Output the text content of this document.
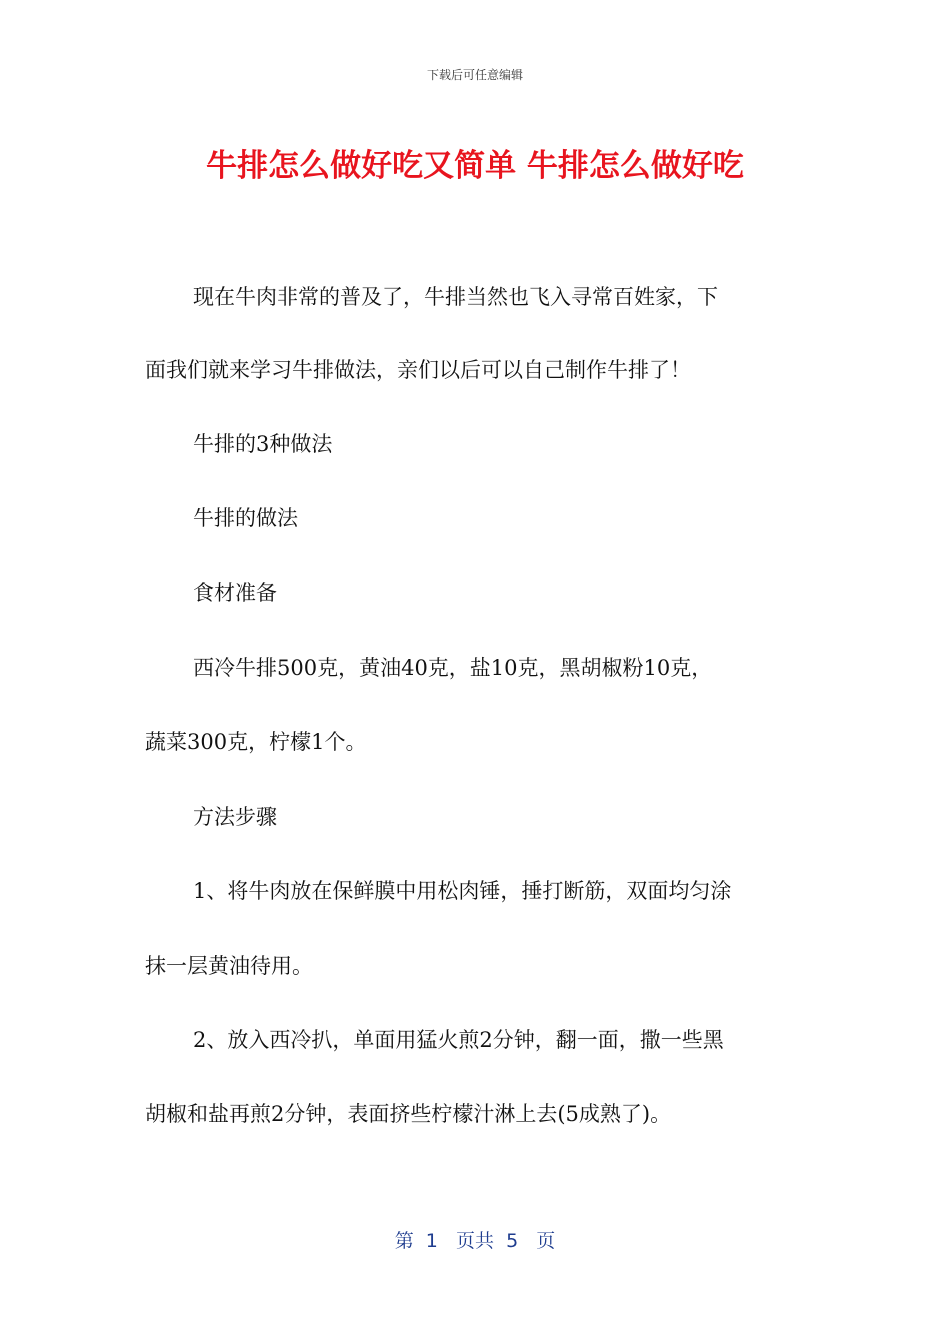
下载后可任意编辑
牛排怎么做好吃又简单 牛排怎么做好吃
现在牛肉非常的普及了，牛排当然也飞入寻常百姓家，下
面我们就来学习牛排做法，亲们以后可以自己制作牛排了！
牛排的3种做法
牛排的做法
食材准备
西冷牛排500克，黄油40克，盐10克，黑胡椒粉10克，
蔬菜300克，柠檬1个。
方法步骤
1、将牛肉放在保鲜膜中用松肉锤，捶打断筋，双面均匀涂
抹一层黄油待用。
2、放入西冷扒，单面用猛火煎2分钟，翻一面，撒一些黑
胡椒和盐再煎2分钟，表面挤些柠檬汁淋上去(5成熟了)。
第  1   页共  5   页
